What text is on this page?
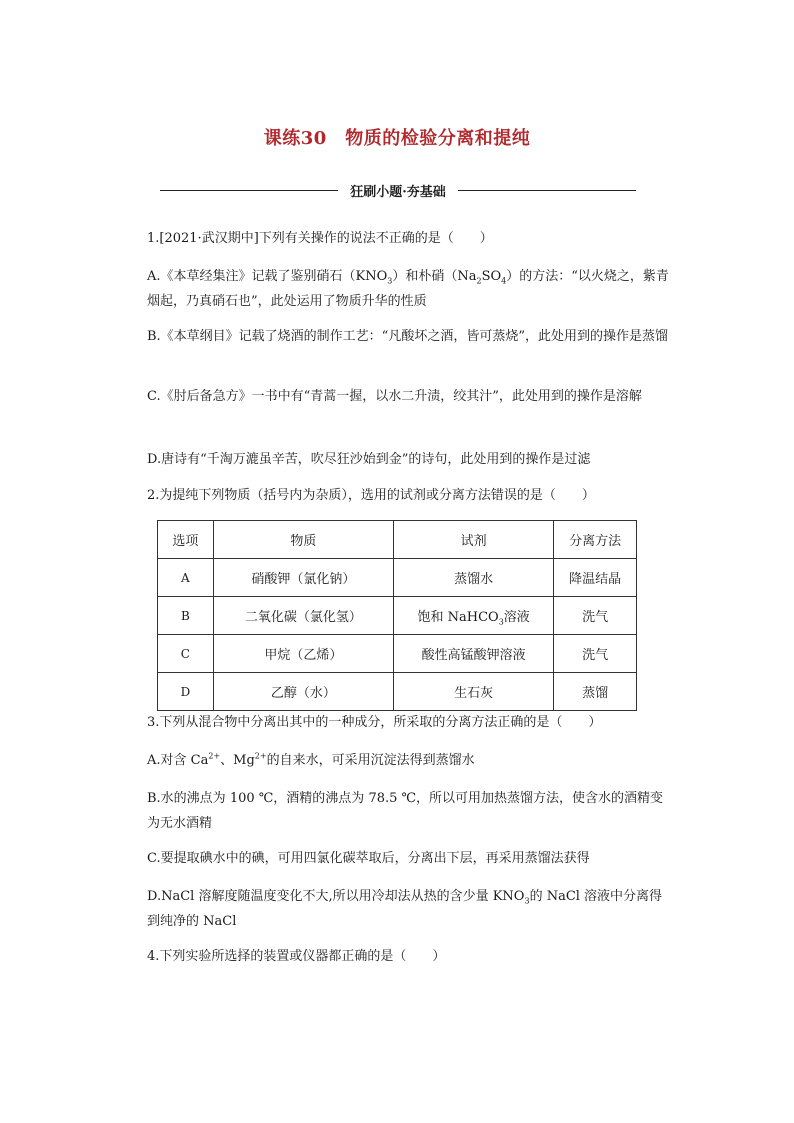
课练30　物质的检验分离和提纯
狂刷小题·夯基础

1.[2021·武汉期中]下列有关操作的说法不正确的是（　　）

A.《本草经集注》记载了鉴别硝石$(KNO_3)$和朴硝$(Na_2SO_4)$的方法：“以火烧之，紫青烟起，乃真硝石也”，此处运用了物质升华的性质

B.《本草纲目》记载了烧酒的制作工艺：“凡酸坏之酒，皆可蒸烧”，此处用到的操作是蒸馏

C.《肘后备急方》一书中有“青蒿一握，以水二升渍，绞其汁”，此处用到的操作是溶解

D.唐诗有“千淘万漉虽辛苦，吹尽狂沙始到金”的诗句，此处用到的操作是过滤

2.为提纯下列物质（括号内为杂质），选用的试剂或分离方法错误的是（　　）

选项	物质	试剂	分离方法
A	硝酸钾（氯化钠）	蒸馏水	降温结晶
B	二氧化碳（氯化氢）	饱和 NaHCO$_3$溶液	洗气
C	甲烷（乙烯）	酸性高锰酸钾溶液	洗气
D	乙醇（水）	生石灰	蒸馏

3.下列从混合物中分离出其中的一种成分，所采取的分离方法正确的是（　　）

A.对含 $Ca^{2+}$、$Mg^{2+}$的自来水，可采用沉淀法得到蒸馏水

B.水的沸点为 100 ℃，酒精的沸点为 78.5 ℃，所以可用加热蒸馏方法，使含水的酒精变为无水酒精

C.要提取碘水中的碘，可用四氯化碳萃取后，分离出下层，再采用蒸馏法获得

D.NaCl 溶解度随温度变化不大,所以用冷却法从热的含少量 $KNO_3$的 NaCl 溶液中分离得到纯净的 NaCl

4.下列实验所选择的装置或仪器都正确的是（　　）
